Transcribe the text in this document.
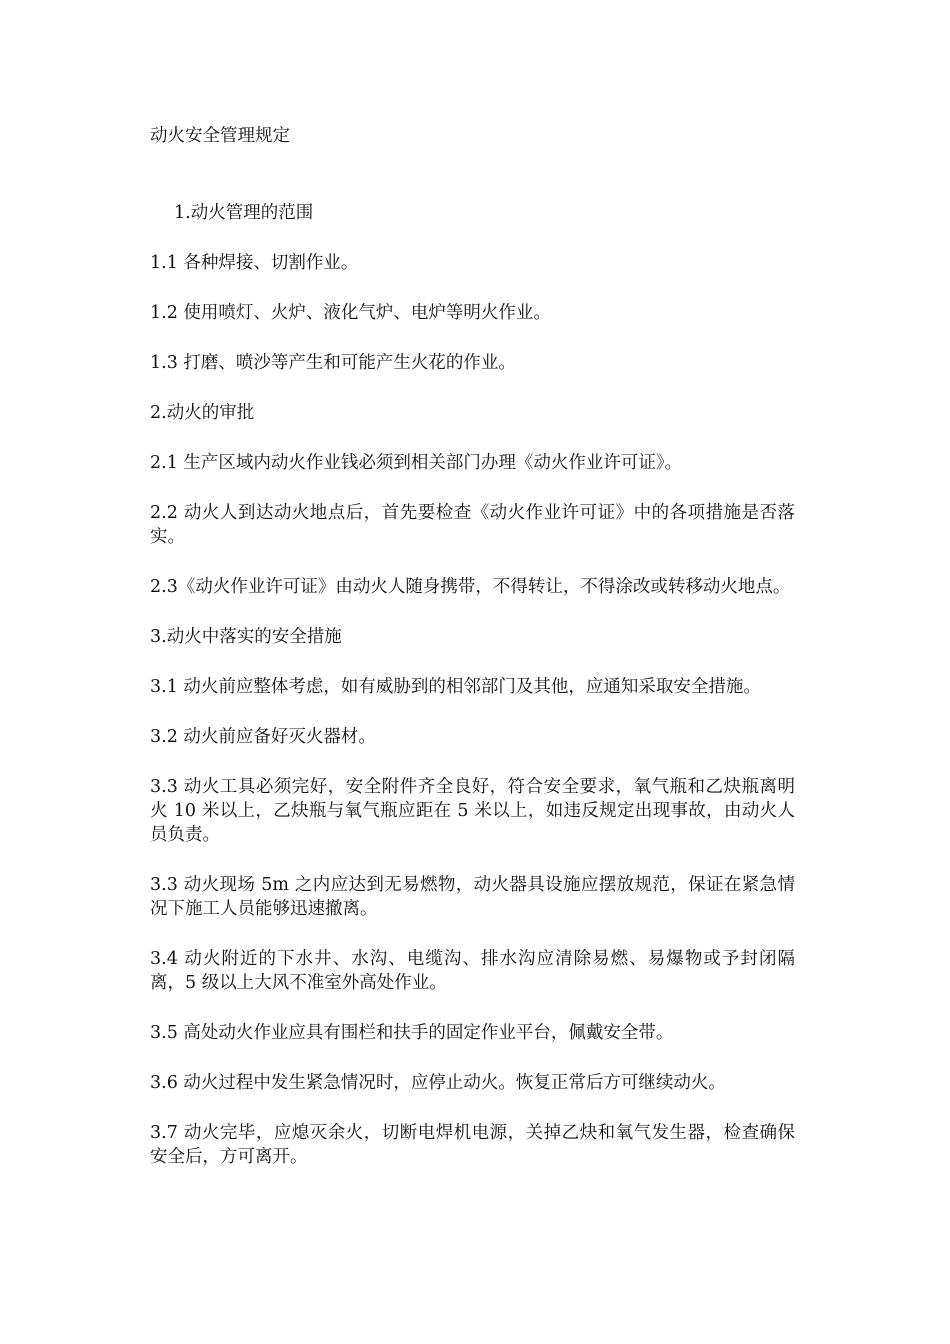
动火安全管理规定
1.动火管理的范围
1.1 各种焊接、切割作业。
1.2 使用喷灯、火炉、液化气炉、电炉等明火作业。
1.3 打磨、喷沙等产生和可能产生火花的作业。
2.动火的审批
2.1 生产区域内动火作业钱必须到相关部门办理《动火作业许可证》。
2.2 动火人到达动火地点后，首先要检查《动火作业许可证》中的各项措施是否落实。
2.3《动火作业许可证》由动火人随身携带，不得转让，不得涂改或转移动火地点。
3.动火中落实的安全措施
3.1 动火前应整体考虑，如有威胁到的相邻部门及其他，应通知采取安全措施。
3.2 动火前应备好灭火器材。
3.3 动火工具必须完好，安全附件齐全良好，符合安全要求，氧气瓶和乙炔瓶离明火 10 米以上，乙炔瓶与氧气瓶应距在 5 米以上，如违反规定出现事故，由动火人员负责。
3.3 动火现场 5m 之内应达到无易燃物，动火器具设施应摆放规范，保证在紧急情况下施工人员能够迅速撤离。
3.4 动火附近的下水井、水沟、电缆沟、排水沟应清除易燃、易爆物或予封闭隔离，5 级以上大风不准室外高处作业。
3.5 高处动火作业应具有围栏和扶手的固定作业平台，佩戴安全带。
3.6 动火过程中发生紧急情况时，应停止动火。恢复正常后方可继续动火。
3.7 动火完毕，应熄灭余火，切断电焊机电源，关掉乙炔和氧气发生器，检查确保安全后，方可离开。
